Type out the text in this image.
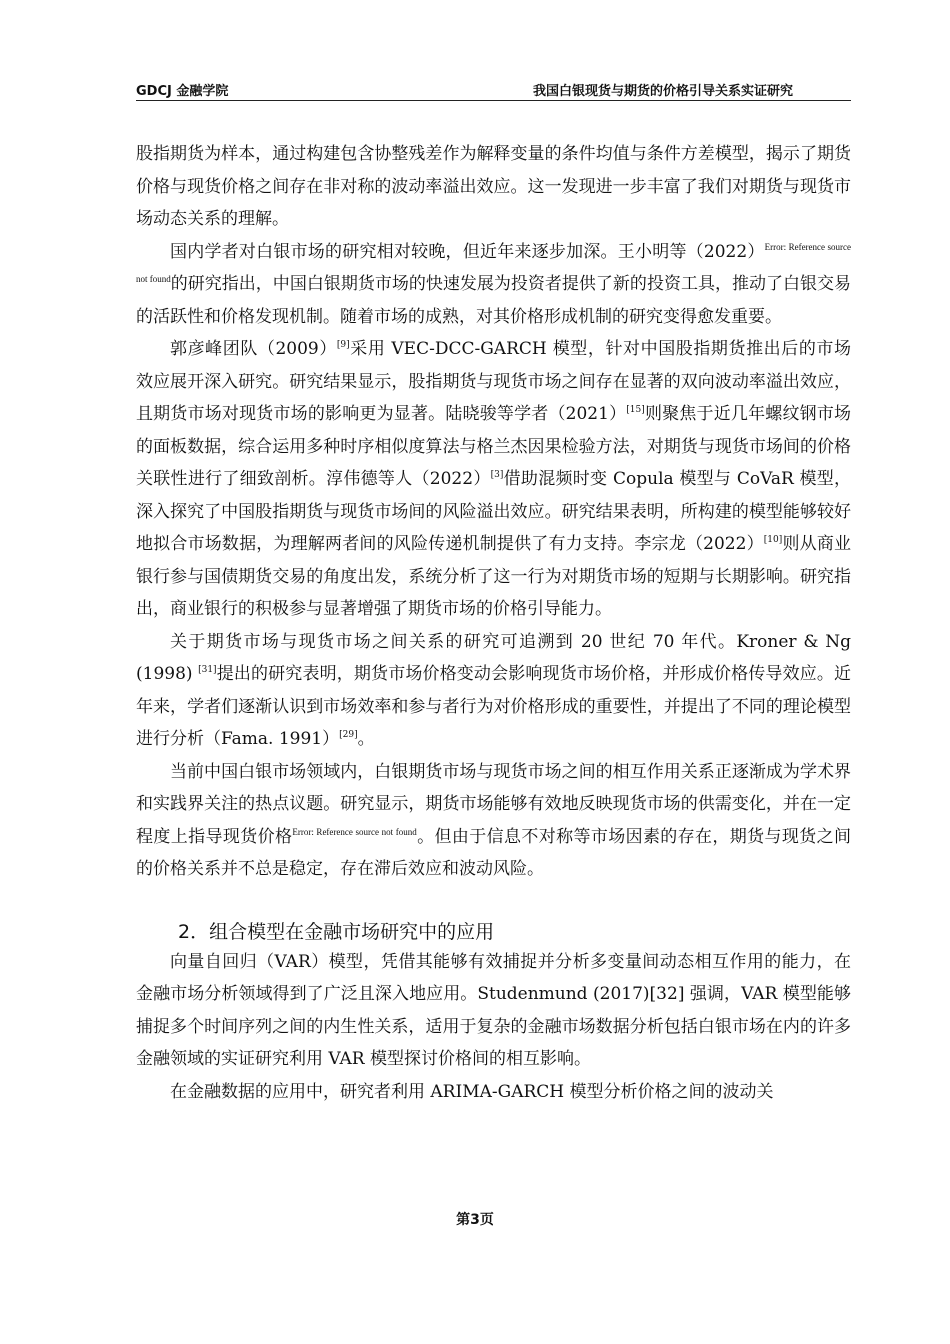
GDCJ 金融学院	我国白银现货与期货的价格引导关系实证研究

股指期货为样本，通过构建包含协整残差作为解释变量的条件均值与条件方差模型，揭示了期货价格与现货价格之间存在非对称的波动率溢出效应。这一发现进一步丰富了我们对期货与现货市场动态关系的理解。

国内学者对白银市场的研究相对较晚，但近年来逐步加深。王小明等$(2022)^{Error: Reference source not found}$的研究指出，中国白银期货市场的快速发展为投资者提供了新的投资工具，推动了白银交易的活跃性和价格发现机制。随着市场的成熟，对其价格形成机制的研究变得愈发重要。

郭彦峰团队（2009）[9]采用 VEC-DCC-GARCH 模型，针对中国股指期货推出后的市场效应展开深入研究。研究结果显示，股指期货与现货市场之间存在显著的双向波动率溢出效应，且期货市场对现货市场的影响更为显著。陆晓骏等学者（2021）[15]则聚焦于近几年螺纹钢市场的面板数据，综合运用多种时序相似度算法与格兰杰因果检验方法，对期货与现货市场间的价格关联性进行了细致剖析。淳伟德等人（2022）[3]借助混频时变 Copula 模型与 CoVaR 模型，深入探究了中国股指期货与现货市场间的风险溢出效应。研究结果表明，所构建的模型能够较好地拟合市场数据，为理解两者间的风险传递机制提供了有力支持。李宗龙（2022）[10]则从商业银行参与国债期货交易的角度出发，系统分析了这一行为对期货市场的短期与长期影响。研究指出，商业银行的积极参与显著增强了期货市场的价格引导能力。

关于期货市场与现货市场之间关系的研究可追溯到 20 世纪 70 年代。Kroner & Ng (1998) [31]提出的研究表明，期货市场价格变动会影响现货市场价格，并形成价格传导效应。近年来，学者们逐渐认识到市场效率和参与者行为对价格形成的重要性，并提出了不同的理论模型进行分析（Fama. 1991）[29]。

当前中国白银市场领域内，白银期货市场与现货市场之间的相互作用关系正逐渐成为学术界和实践界关注的热点议题。研究显示，期货市场能够有效地反映现货市场的供需变化，并在一定程度上指导现货价格$^{Error: Reference source not found}$。但由于信息不对称等市场因素的存在，期货与现货之间的价格关系并不总是稳定，存在滞后效应和波动风险。

2．组合模型在金融市场研究中的应用

向量自回归（VAR）模型，凭借其能够有效捕捉并分析多变量间动态相互作用的能力，在金融市场分析领域得到了广泛且深入地应用。Studenmund (2017)[32] 强调，VAR 模型能够捕捉多个时间序列之间的内生性关系，适用于复杂的金融市场数据分析包括白银市场在内的许多金融领域的实证研究利用 VAR 模型探讨价格间的相互影响。

在金融数据的应用中，研究者利用 ARIMA-GARCH 模型分析价格之间的波动关

第3页
